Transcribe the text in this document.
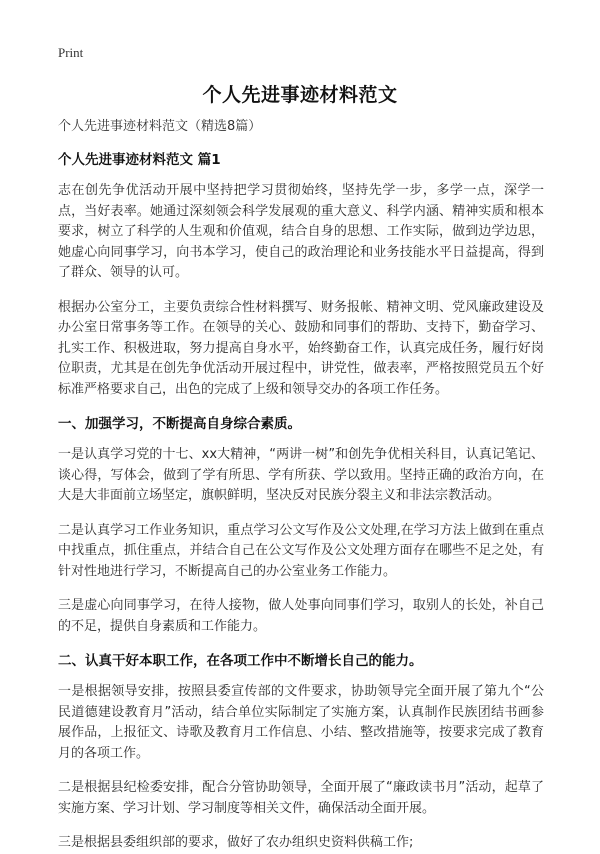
Print
个人先进事迹材料范文

个人先进事迹材料范文（精选8篇）

个人先进事迹材料范文 篇1

志在创先争优活动开展中坚持把学习贯彻始终，坚持先学一步，多学一点，深学一点，当好表率。她通过深刻领会科学发展观的重大意义、科学内涵、精神实质和根本要求，树立了科学的人生观和价值观，结合自身的思想、工作实际，做到边学边思，她虚心向同事学习，向书本学习，使自己的政治理论和业务技能水平日益提高，得到了群众、领导的认可。

根据办公室分工，主要负责综合性材料撰写、财务报帐、精神文明、党风廉政建设及办公室日常事务等工作。在领导的关心、鼓励和同事们的帮助、支持下，勤奋学习、扎实工作、积极进取，努力提高自身水平，始终勤奋工作，认真完成任务，履行好岗位职责，尤其是在创先争优活动开展过程中，讲党性，做表率，严格按照党员五个好标准严格要求自己，出色的完成了上级和领导交办的各项工作任务。

一、加强学习，不断提高自身综合素质。

一是认真学习党的十七、xx大精神，“两讲一树”和创先争优相关科目，认真记笔记、谈心得，写体会，做到了学有所思、学有所获、学以致用。坚持正确的政治方向，在大是大非面前立场坚定，旗帜鲜明，坚决反对民族分裂主义和非法宗教活动。

二是认真学习工作业务知识，重点学习公文写作及公文处理,在学习方法上做到在重点中找重点，抓住重点，并结合自己在公文写作及公文处理方面存在哪些不足之处，有针对性地进行学习，不断提高自己的办公室业务工作能力。

三是虚心向同事学习，在待人接物，做人处事向同事们学习，取别人的长处，补自己的不足，提供自身素质和工作能力。

二、认真干好本职工作，在各项工作中不断增长自己的能力。

一是根据领导安排，按照县委宣传部的文件要求，协助领导完全面开展了第九个“公民道德建设教育月”活动，结合单位实际制定了实施方案，认真制作民族团结书画参展作品，上报征文、诗歌及教育月工作信息、小结、整改措施等，按要求完成了教育月的各项工作。

二是根据县纪检委安排，配合分管协助领导，全面开展了“廉政读书月”活动，起草了实施方案、学习计划、学习制度等相关文件，确保活动全面开展。

三是根据县委组织部的要求，做好了农办组织史资料供稿工作;
